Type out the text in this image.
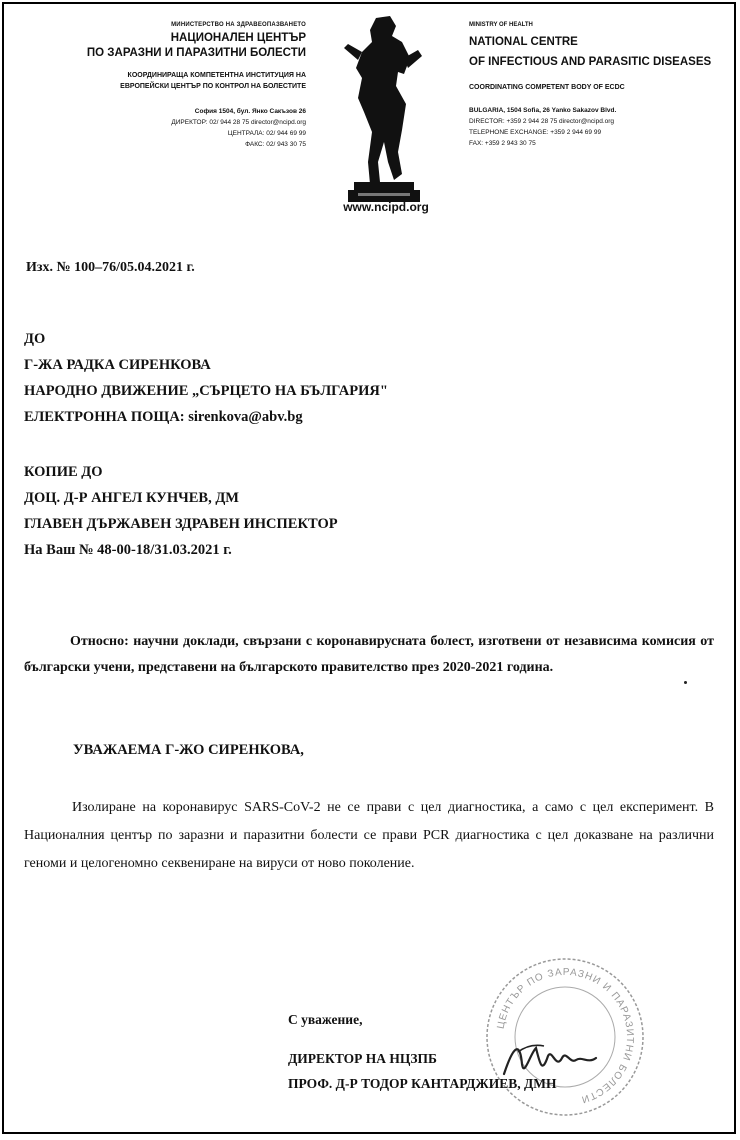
МИНИСТЕРСТВО НА ЗДРАВЕОПАЗВАНЕТО
НАЦИОНАЛЕН ЦЕНТЪР
ПО ЗАРАЗНИ И ПАРАЗИТНИ БОЛЕСТИ
КООРДИНИРАЩА КОМПЕТЕНТНА ИНСТИТУЦИЯ НА
ЕВРОПЕЙСКИ ЦЕНТЪР ПО КОНТРОЛ НА БОЛЕСТИТЕ
София 1504, бул. Янко Сакъзов 26
ДИРЕКТОР: 02/ 944 28 75 director@ncipd.org
ЦЕНТРАЛА: 02/ 944 69 99
ФАКС: 02/ 943 30 75
www.ncipd.org
MINISTRY OF HEALTH
NATIONAL CENTRE
OF INFECTIOUS AND PARASITIC DISEASES
COORDINATING COMPETENT BODY OF ECDC
BULGARIA, 1504 Sofia, 26 Yanko Sakazov Blvd.
DIRECTOR: +359 2 944 28 75 director@ncipd.org
TELEPHONE EXCHANGE: +359 2 944 69 99
FAX: +359 2 943 30 75
Изх. № 100–76/05.04.2021 г.
ДО
Г-ЖА РАДКА СИРЕНКОВА
НАРОДНО ДВИЖЕНИЕ „СЪРЦЕТО НА БЪЛГАРИЯ"
ЕЛЕКТРОННА ПОЩА: sirenkova@abv.bg
КОПИЕ ДО
ДОЦ. Д-Р АНГЕЛ КУНЧЕВ, ДМ
ГЛАВЕН ДЪРЖАВЕН ЗДРАВЕН ИНСПЕКТОР
На Ваш № 48-00-18/31.03.2021 г.
Относно: научни доклади, свързани с коронавирусната болест, изготвени от независима комисия от български учени, представени на българското правителство през 2020-2021 година.
УВАЖАЕМА Г-ЖО СИРЕНКОВА,
Изолиране на коронавирус SARS-CoV-2 не се прави с цел диагностика, а само с цел експеримент. В Националния център по заразни и паразитни болести се прави PCR диагностика с цел доказване на различни геноми и целогеномно секвениране на вируси от ново поколение.
ЦЕНТЪР ПО ЗАРАЗНИ И ПАРАЗИТНИ БОЛЕСТИ
С уважение,
ДИРЕКТОР НА НЦЗПБ
ПРОФ. Д-Р ТОДОР КАНТАРДЖИЕВ, ДМН
